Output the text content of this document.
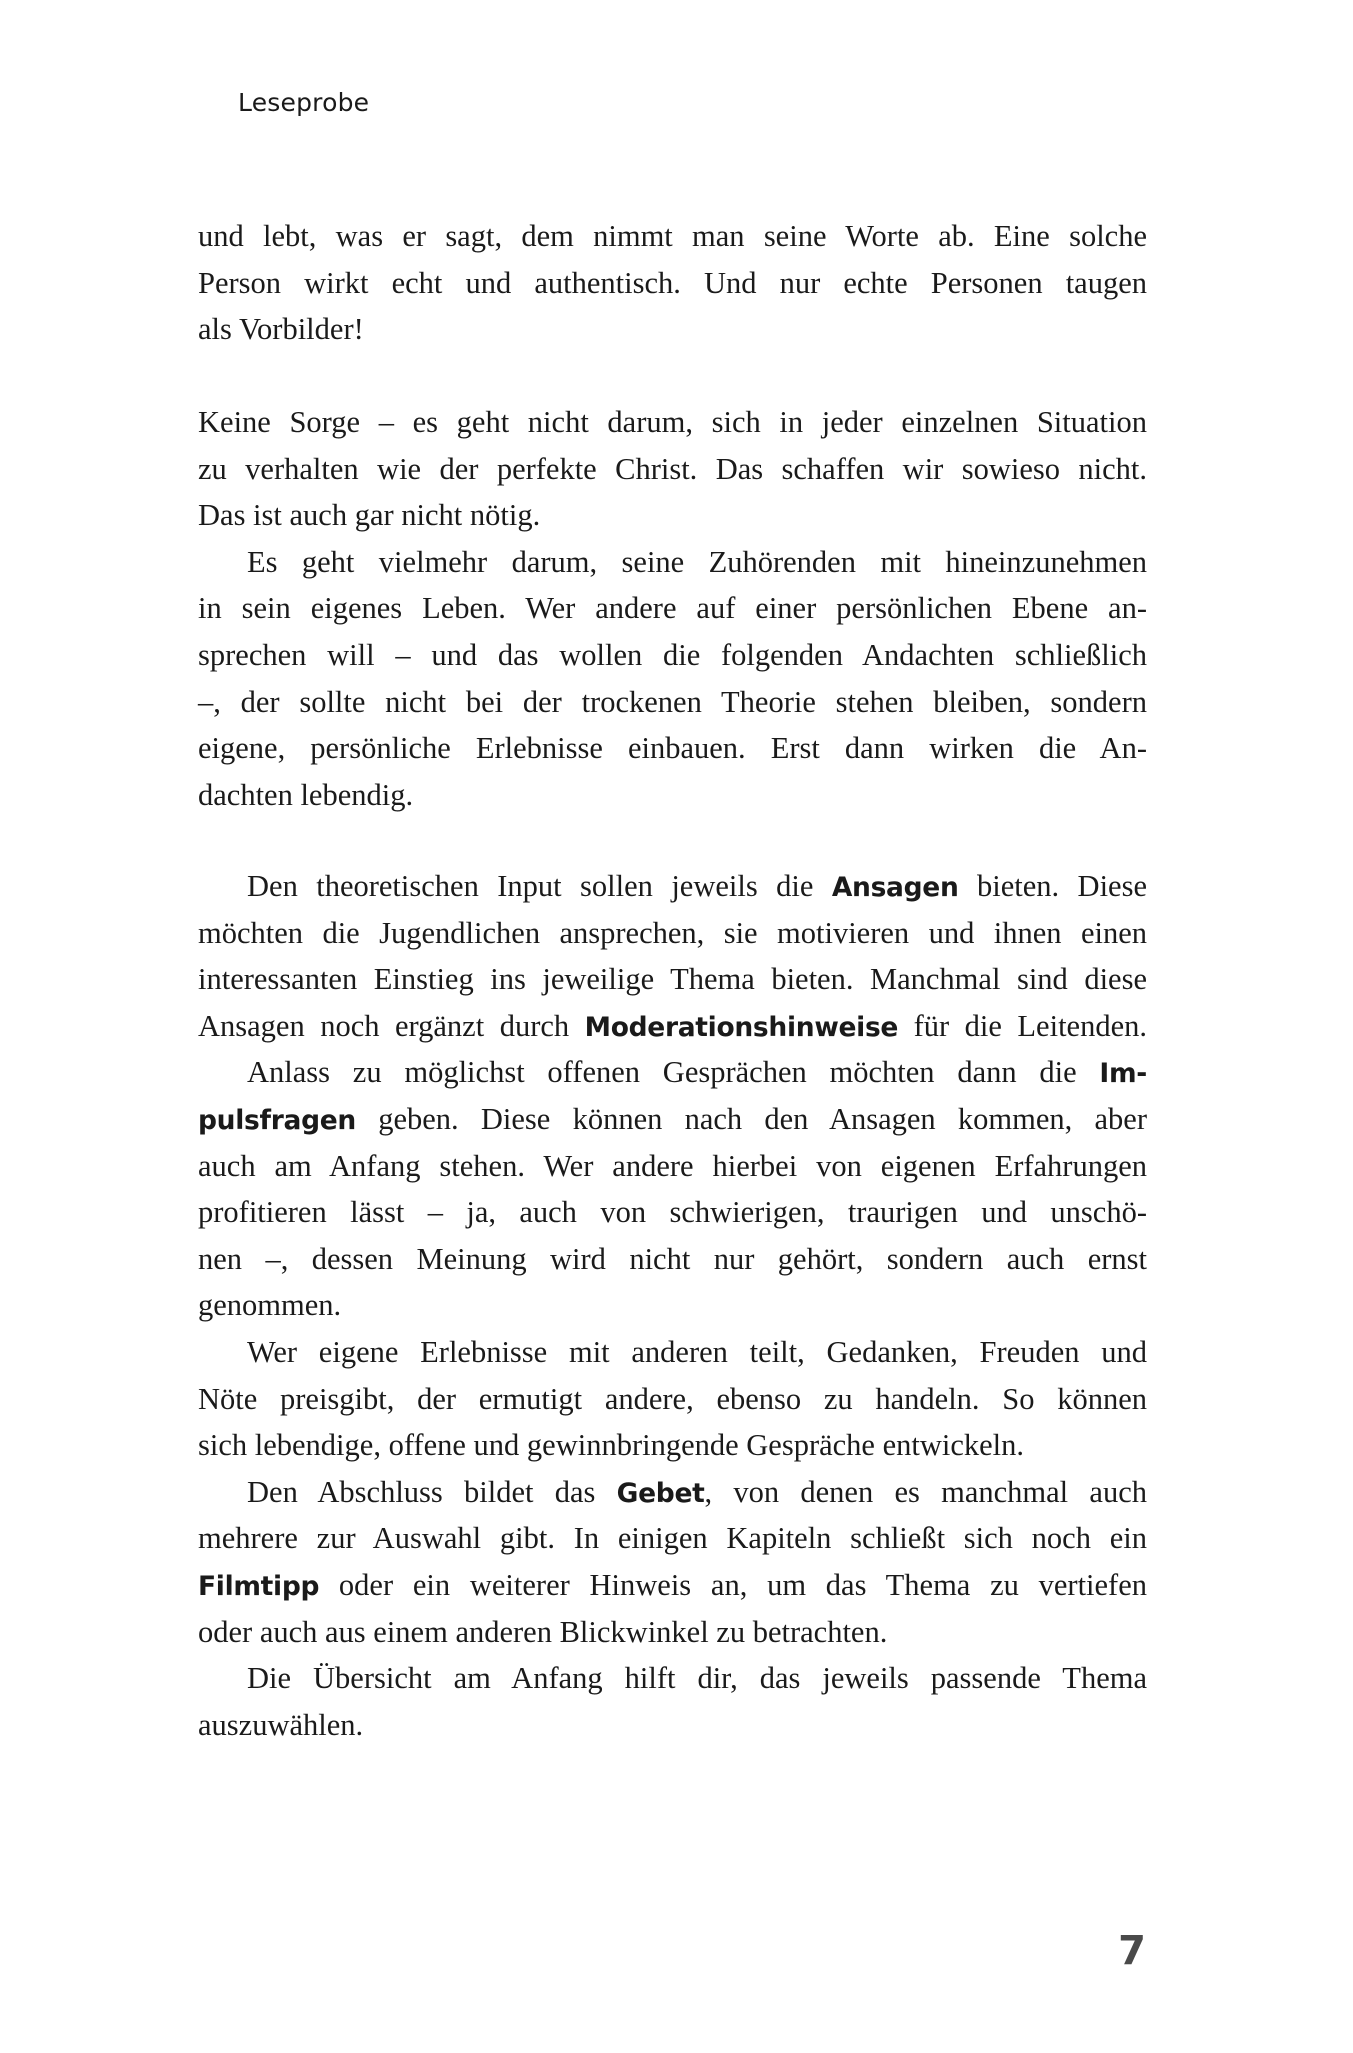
Leseprobe
und lebt, was er sagt, dem nimmt man seine Worte ab. Eine solche
Person wirkt echt und authentisch. Und nur echte Personen taugen
als Vorbilder!
Keine Sorge – es geht nicht darum, sich in jeder einzelnen Situation
zu verhalten wie der perfekte Christ. Das schaffen wir sowieso nicht.
Das ist auch gar nicht nötig.
Es geht vielmehr darum, seine Zuhörenden mit hineinzunehmen
in sein eigenes Leben. Wer andere auf einer persönlichen Ebene an-
sprechen will – und das wollen die folgenden Andachten schließlich
–, der sollte nicht bei der trockenen Theorie stehen bleiben, sondern
eigene, persönliche Erlebnisse einbauen. Erst dann wirken die An-
dachten lebendig.
Den theoretischen Input sollen jeweils die Ansagen bieten. Diese
möchten die Jugendlichen ansprechen, sie motivieren und ihnen einen
interessanten Einstieg ins jeweilige Thema bieten. Manchmal sind diese
Ansagen noch ergänzt durch Moderationshinweise für die Leitenden.
Anlass zu möglichst offenen Gesprächen möchten dann die Im-
pulsfragen geben. Diese können nach den Ansagen kommen, aber
auch am Anfang stehen. Wer andere hierbei von eigenen Erfahrungen
profitieren lässt – ja, auch von schwierigen, traurigen und unschö-
nen –, dessen Meinung wird nicht nur gehört, sondern auch ernst
genommen.
Wer eigene Erlebnisse mit anderen teilt, Gedanken, Freuden und
Nöte preisgibt, der ermutigt andere, ebenso zu handeln. So können
sich lebendige, offene und gewinnbringende Gespräche entwickeln.
Den Abschluss bildet das Gebet, von denen es manchmal auch
mehrere zur Auswahl gibt. In einigen Kapiteln schließt sich noch ein
Filmtipp oder ein weiterer Hinweis an, um das Thema zu vertiefen
oder auch aus einem anderen Blickwinkel zu betrachten.
Die Übersicht am Anfang hilft dir, das jeweils passende Thema
auszuwählen.
7
